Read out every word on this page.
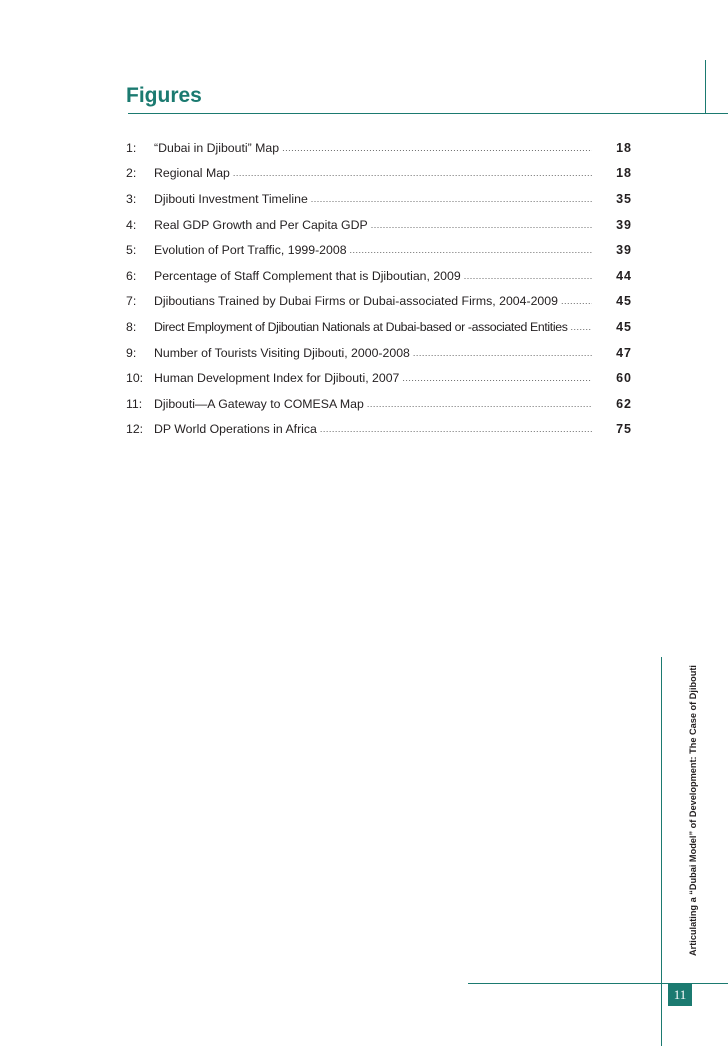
Figures
1:	“Dubai in Djibouti” Map .....	18
2:	Regional Map .....	18
3:	Djibouti Investment Timeline .....	35
4:	Real GDP Growth and Per Capita GDP .....	39
5:	Evolution of Port Traffic, 1999-2008 .....	39
6:	Percentage of Staff Complement that is Djiboutian, 2009 .....	44
7:	Djiboutians Trained by Dubai Firms or Dubai-associated Firms, 2004-2009 .....	45
8:	Direct Employment of Djiboutian Nationals at Dubai-based or -associated Entities .....	45
9:	Number of Tourists Visiting Djibouti, 2000-2008 .....	47
10: Human Development Index for Djibouti, 2007 .....	60
11: Djibouti—A Gateway to COMESA Map .....	62
12: DP World Operations in Africa .....	75
Articulating a “Dubai Model” of Development: The Case of Djibouti
11
